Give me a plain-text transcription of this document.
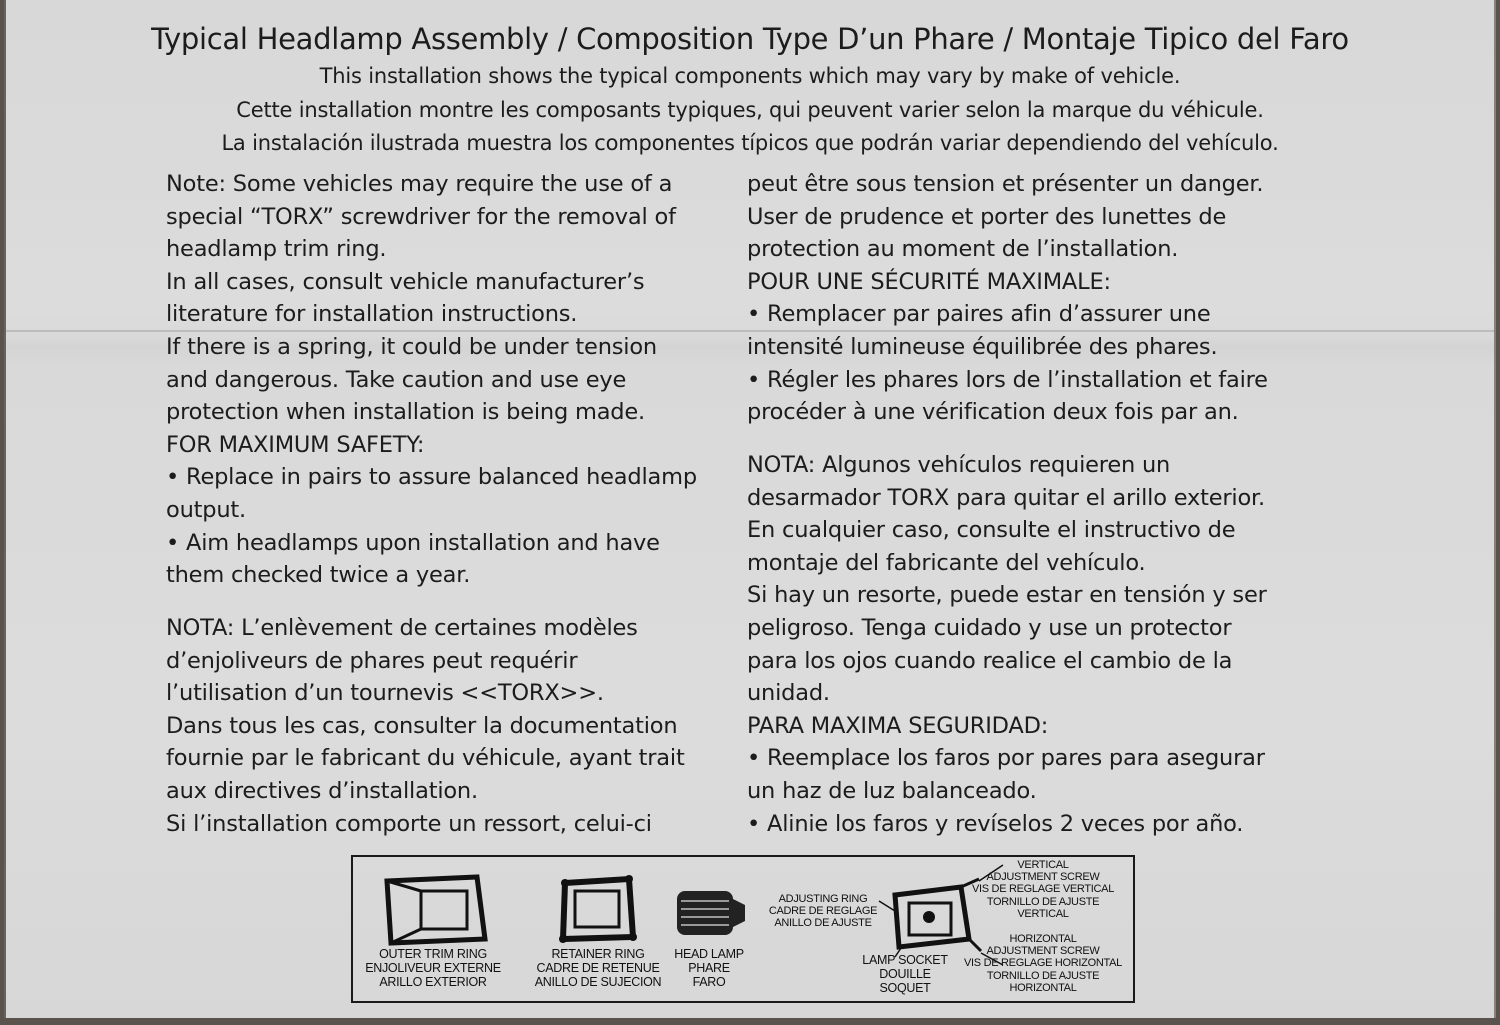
Typical Headlamp Assembly / Composition Type D’un Phare / Montaje Tipico del Faro
This installation shows the typical components which may vary by make of vehicle.
Cette installation montre les composants typiques, qui peuvent varier selon la marque du véhicule.
La instalación ilustrada muestra los componentes típicos que podrán variar dependiendo del vehículo.

Note: Some vehicles may require the use of a

special “TORX” screwdriver for the removal of

headlamp trim ring.

In all cases, consult vehicle manufacturer’s

literature for installation instructions.

If there is a spring, it could be under tension

and dangerous. Take caution and use eye

protection when installation is being made.

FOR MAXIMUM SAFETY:

• Replace in pairs to assure balanced headlamp

output.

• Aim headlamps upon installation and have

them checked twice a year.

NOTA: L’enlèvement de certaines modèles

d’enjoliveurs de phares peut requérir

l’utilisation d’un tournevis <<TORX>>.

Dans tous les cas, consulter la documentation

fournie par le fabricant du véhicule, ayant trait

aux directives d’installation.

Si l’installation comporte un ressort, celui-ci

peut être sous tension et présenter un danger.

User de prudence et porter des lunettes de

protection au moment de l’installation.

POUR UNE SÉCURITÉ MAXIMALE:

• Remplacer par paires afin d’assurer une

intensité lumineuse équilibrée des phares.

• Régler les phares lors de l’installation et faire

procéder à une vérification deux fois par an.

NOTA: Algunos vehículos requieren un

desarmador TORX para quitar el arillo exterior.

En cualquier caso, consulte el instructivo de

montaje del fabricante del vehículo.

Si hay un resorte, puede estar en tensión y ser

peligroso. Tenga cuidado y use un protector

para los ojos cuando realice el cambio de la

unidad.

PARA MAXIMA SEGURIDAD:

• Reemplace los faros por pares para asegurar

un haz de luz balanceado.

• Alinie los faros y revíselos 2 veces por año.

OUTER TRIM RING
ENJOLIVEUR EXTERNE
ARILLO EXTERIOR
RETAINER RING
CADRE DE RETENUE
ANILLO DE SUJECION
HEAD LAMP
PHARE
FARO
ADJUSTING RING
CADRE DE REGLAGE
ANILLO DE AJUSTE
LAMP SOCKET
DOUILLE
SOQUET
VERTICAL
ADJUSTMENT SCREW
VIS DE REGLAGE VERTICAL
TORNILLO DE AJUSTE
VERTICAL
HORIZONTAL
ADJUSTMENT SCREW
VIS DE REGLAGE HORIZONTAL
TORNILLO DE AJUSTE
HORIZONTAL
